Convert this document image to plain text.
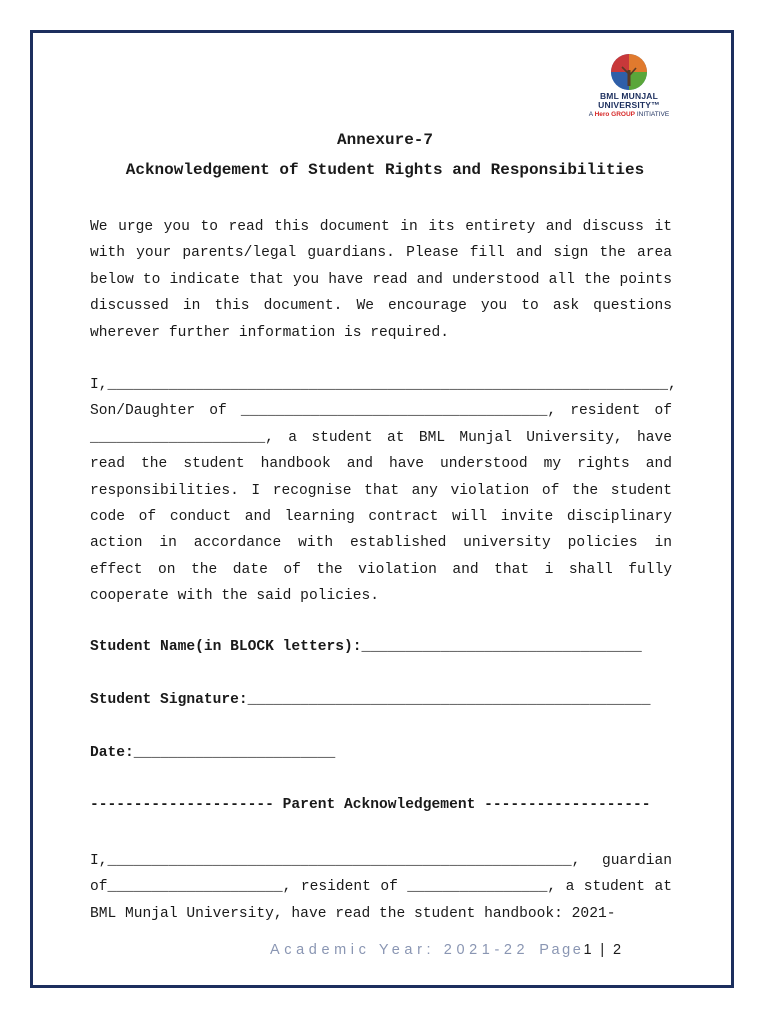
BML MUNJAL
UNIVERSITY™
A Hero GROUP INITIATIVE
Annexure-7
Acknowledgement of Student Rights and Responsibilities

We urge you to read this document in its entirety and discuss it with your parents/legal guardians. Please fill and sign the area below to indicate that you have read and understood all the points discussed in this document. We encourage you to ask questions wherever further information is required.

I,________________________________________________________________, Son/Daughter of ___________________________________, resident of ____________________, a student at BML Munjal University, have read the student handbook and have understood my rights and responsibilities. I recognise that any violation of the student code of conduct and learning contract will invite disciplinary action in accordance with established university policies in effect on the date of the violation and that i shall fully cooperate with the said policies.

Student Name(in BLOCK letters):________________________________
Student Signature:______________________________________________
Date:_______________________
--------------------- Parent Acknowledgement -------------------

I,_____________________________________________________, guardian of____________________, resident of ________________, a student at BML Munjal University, have read the student handbook: 2021-

Academic Year: 2021-22 Page1 | 2
